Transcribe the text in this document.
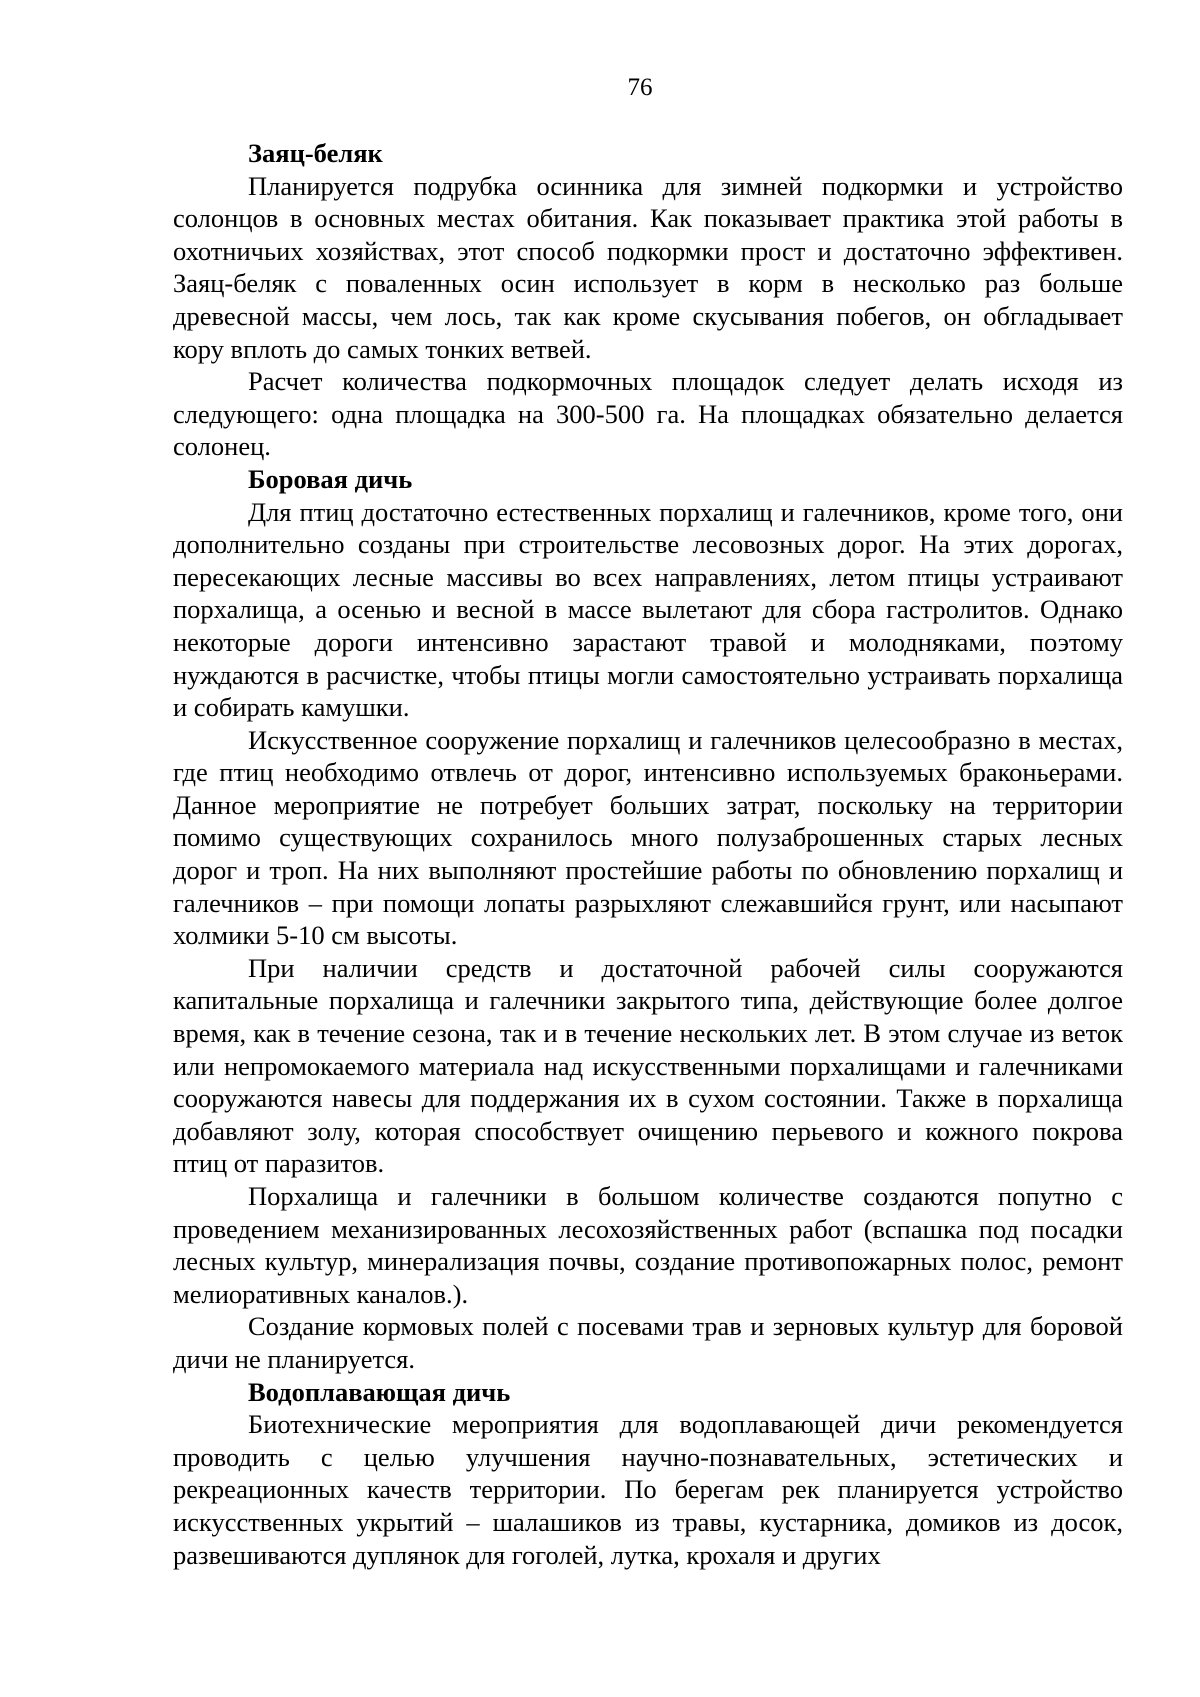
76
Заяц-беляк

Планируется подрубка осинника для зимней подкормки и устройство солонцов в основных местах обитания. Как показывает практика этой работы в охотничьих хозяйствах, этот способ подкормки прост и достаточно эффективен. Заяц-беляк с поваленных осин использует в корм в несколько раз больше древесной массы, чем лось, так как кроме скусывания побегов, он обгладывает кору вплоть до самых тонких ветвей.

Расчет количества подкормочных площадок следует делать исходя из следующего: одна площадка на 300-500 га. На площадках обязательно делается солонец.

Боровая дичь

Для птиц достаточно естественных порхалищ и галечников, кроме того, они дополнительно созданы при строительстве лесовозных дорог. На этих дорогах, пересекающих лесные массивы во всех направлениях, летом птицы устраивают порхалища, а осенью и весной в массе вылетают для сбора гастролитов. Однако некоторые дороги интенсивно зарастают травой и молодняками, поэтому нуждаются в расчистке, чтобы птицы могли самостоятельно устраивать порхалища и собирать камушки.

Искусственное сооружение порхалищ и галечников целесообразно в местах, где птиц необходимо отвлечь от дорог, интенсивно используемых браконьерами. Данное мероприятие не потребует больших затрат, поскольку на территории помимо существующих сохранилось много полузаброшенных старых лесных дорог и троп. На них выполняют простейшие работы по обновлению порхалищ и галечников – при помощи лопаты разрыхляют слежавшийся грунт, или насыпают холмики 5-10 см высоты.

При наличии средств и достаточной рабочей силы сооружаются капитальные порхалища и галечники закрытого типа, действующие более долгое время, как в течение сезона, так и в течение нескольких лет. В этом случае из веток или непромокаемого материала над искусственными порхалищами и галечниками сооружаются навесы для поддержания их в сухом состоянии. Также в порхалища добавляют золу, которая способствует очищению перьевого и кожного покрова птиц от паразитов.

Порхалища и галечники в большом количестве создаются попутно с проведением механизированных лесохозяйственных работ (вспашка под посадки лесных культур, минерализация почвы, создание противопожарных полос, ремонт мелиоративных каналов.).

Создание кормовых полей с посевами трав и зерновых культур для боровой дичи не планируется.

Водоплавающая дичь

Биотехнические мероприятия для водоплавающей дичи рекомендуется проводить с целью улучшения научно-познавательных, эстетических и рекреационных качеств территории. По берегам рек планируется устройство искусственных укрытий – шалашиков из травы, кустарника, домиков из досок, развешиваются дуплянок для гоголей, лутка, крохаля и других
